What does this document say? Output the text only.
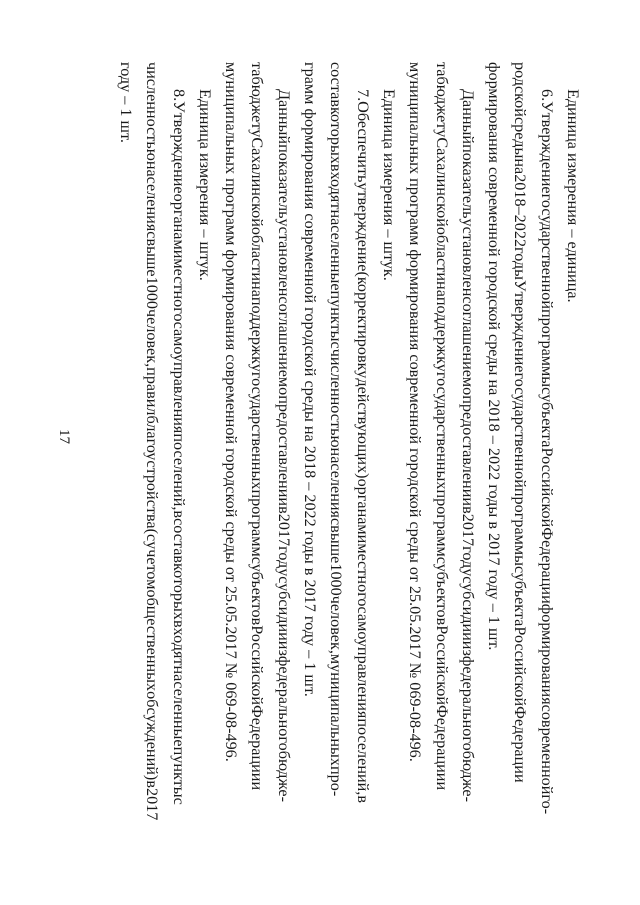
17
Единица измерения – единица.
6.
Утверждение
государственной
программы
субъекта
Российской
Федерации
формирования
современной
го-
родской
среды
на
2018
–
2022
годы
Утверждение
государственной
программы
субъекта
Российской
Федерации
формирования современной городской среды на 2018 – 2022 годы в 2017 году – 1 шт.
Данный
показатель
установлен
соглашением
о
предоставлении
в
2017
году
субсидии
из
федерального
бюдже-
та
бюджету
Сахалинской
области
на
поддержку
государственных
программ
субъектов
Российской
Федерации
и
муниципальных программ формирования современной городской среды от 25.05.2017 № 069-08-496.
Единица измерения – штук.
7.
Обеспечить
утверждение
(корректировку
действующих)
органами
местного
самоуправления
поселений,
в
состав
которых
входят
населенные
пункты
с
численностью
населения
свыше
1000
человек,
муниципальных
про-
грамм формирования современной городской среды на 2018 – 2022 годы в 2017 году – 1 шт.
Данный
показатель
установлен
соглашением
о
предоставлении
в
2017
году
субсидии
из
федерального
бюдже-
та
бюджету
Сахалинской
области
на
поддержку
государственных
программ
субъектов
Российской
Федерации
и
муниципальных программ формирования современной городской среды от 25.05.2017 № 069-08-496.
Единица измерения – штук.
8.
Утверждение
органами
местного
самоуправления
поселений,
в
состав
которых
входят
населенные
пункты
с
численностью
населения
свыше
1000
человек,
правил
благоустройства
(с
учетом
общественных
обсуждений)
в
2017
году – 1 шт.
